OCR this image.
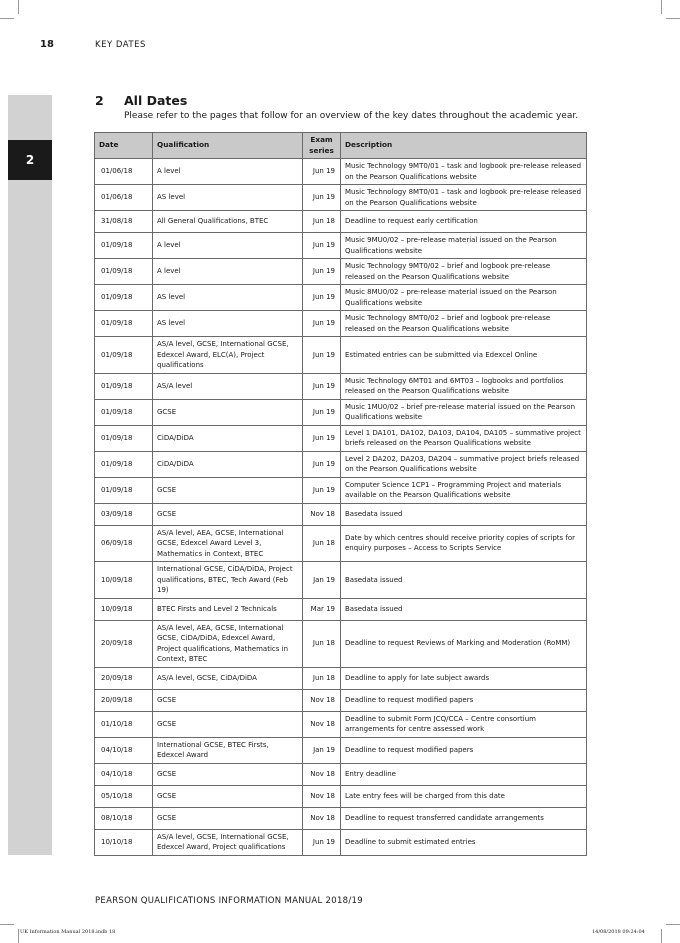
2
18	KEY DATES
2 All Dates
Please refer to the pages that follow for an overview of the key dates throughout the academic year.
Date	Qualification	Exam series	Description
01/06/18	A level	Jun 19	Music Technology 9MT0/01 – task and logbook pre-release released on the Pearson Qualifications website
01/06/18	AS level	Jun 19	Music Technology 8MT0/01 – task and logbook pre-release released on the Pearson Qualifications website
31/08/18	All General Qualifications, BTEC	Jun 18	Deadline to request early certification
01/09/18	A level	Jun 19	Music 9MU0/02 – pre-release material issued on the Pearson Qualifications website
01/09/18	A level	Jun 19	Music Technology 9MT0/02 – brief and logbook pre-release released on the Pearson Qualifications website
01/09/18	AS level	Jun 19	Music 8MU0/02 – pre-release material issued on the Pearson Qualifications website
01/09/18	AS level	Jun 19	Music Technology 8MT0/02 – brief and logbook pre-release released on the Pearson Qualifications website
01/09/18	AS/A level, GCSE, International GCSE, Edexcel Award, ELC(A), Project qualifications	Jun 19	Estimated entries can be submitted via Edexcel Online
01/09/18	AS/A level	Jun 19	Music Technology 6MT01 and 6MT03 – logbooks and portfolios released on the Pearson Qualifications website
01/09/18	GCSE	Jun 19	Music 1MU0/02 – brief pre-release material issued on the Pearson Qualifications website
01/09/18	CiDA/DiDA	Jun 19	Level 1 DA101, DA102, DA103, DA104, DA105 – summative project briefs released on the Pearson Qualifications website
01/09/18	CiDA/DiDA	Jun 19	Level 2 DA202, DA203, DA204 – summative project briefs released on the Pearson Qualifications website
01/09/18	GCSE	Jun 19	Computer Science 1CP1 – Programming Project and materials available on the Pearson Qualifications website
03/09/18	GCSE	Nov 18	Basedata issued
06/09/18	AS/A level, AEA, GCSE, International GCSE, Edexcel Award Level 3, Mathematics in Context, BTEC	Jun 18	Date by which centres should receive priority copies of scripts for enquiry purposes – Access to Scripts Service
10/09/18	International GCSE, CiDA/DiDA, Project qualifications, BTEC, Tech Award (Feb 19)	Jan 19	Basedata issued
10/09/18	BTEC Firsts and Level 2 Technicals	Mar 19	Basedata issued
20/09/18	AS/A level, AEA, GCSE, International GCSE, CiDA/DiDA, Edexcel Award, Project qualifications, Mathematics in Context, BTEC	Jun 18	Deadline to request Reviews of Marking and Moderation (RoMM)
20/09/18	AS/A level, GCSE, CiDA/DiDA	Jun 18	Deadline to apply for late subject awards
20/09/18	GCSE	Nov 18	Deadline to request modified papers
01/10/18	GCSE	Nov 18	Deadline to submit Form JCQ/CCA – Centre consortium arrangements for centre assessed work
04/10/18	International GCSE, BTEC Firsts, Edexcel Award	Jan 19	Deadline to request modified papers
04/10/18	GCSE	Nov 18	Entry deadline
05/10/18	GCSE	Nov 18	Late entry fees will be charged from this date
08/10/18	GCSE	Nov 18	Deadline to request transferred candidate arrangements
10/10/18	AS/A level, GCSE, International GCSE, Edexcel Award, Project qualifications	Jun 19	Deadline to submit estimated entries
PEARSON QUALIFICATIONS INFORMATION MANUAL 2018/19
UK Information Manual 2018.indb 18	14/08/2018 09:24:04
